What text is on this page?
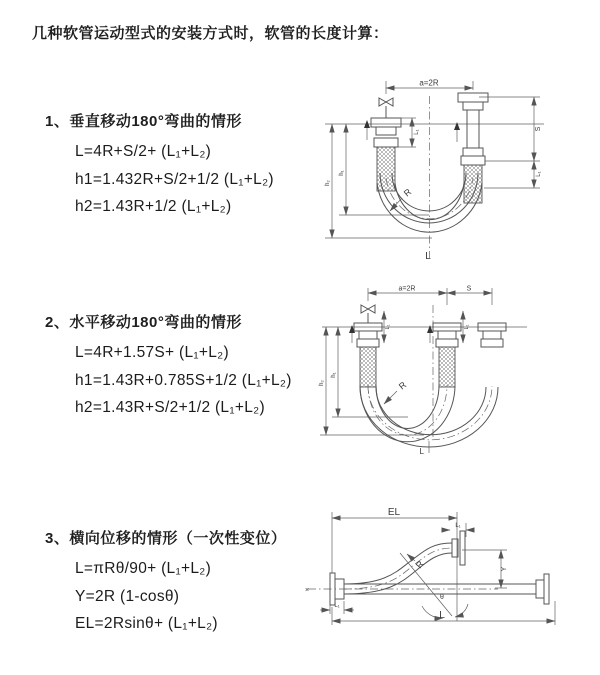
几种软管运动型式的安装方式时，软管的长度计算：
1、垂直移动180°弯曲的情形
L=4R+S/2+ (L₁+L₂)
h1=1.432R+S/2+1/2 (L₁+L₂)
h2=1.43R+1/2 (L₁+L₂)
2、水平移动180°弯曲的情形
L=4R+1.57S+ (L₁+L₂)
h1=1.43R+0.785S+1/2 (L₁+L₂)
h2=1.43R+S/2+1/2 (L₁+L₂)
3、横向位移的情形（一次性变位）
L=πRθ/90+ (L₁+L₂)
Y=2R (1-cosθ)
EL=2Rsinθ+ (L₁+L₂)
a=2R
L₁
S
L₁
h₂
h₁
R
L
a=2R	S
L₁	L₁
h₂
h₁
R
L
EL
L₁
Y
×
R
θ
L₁
L
